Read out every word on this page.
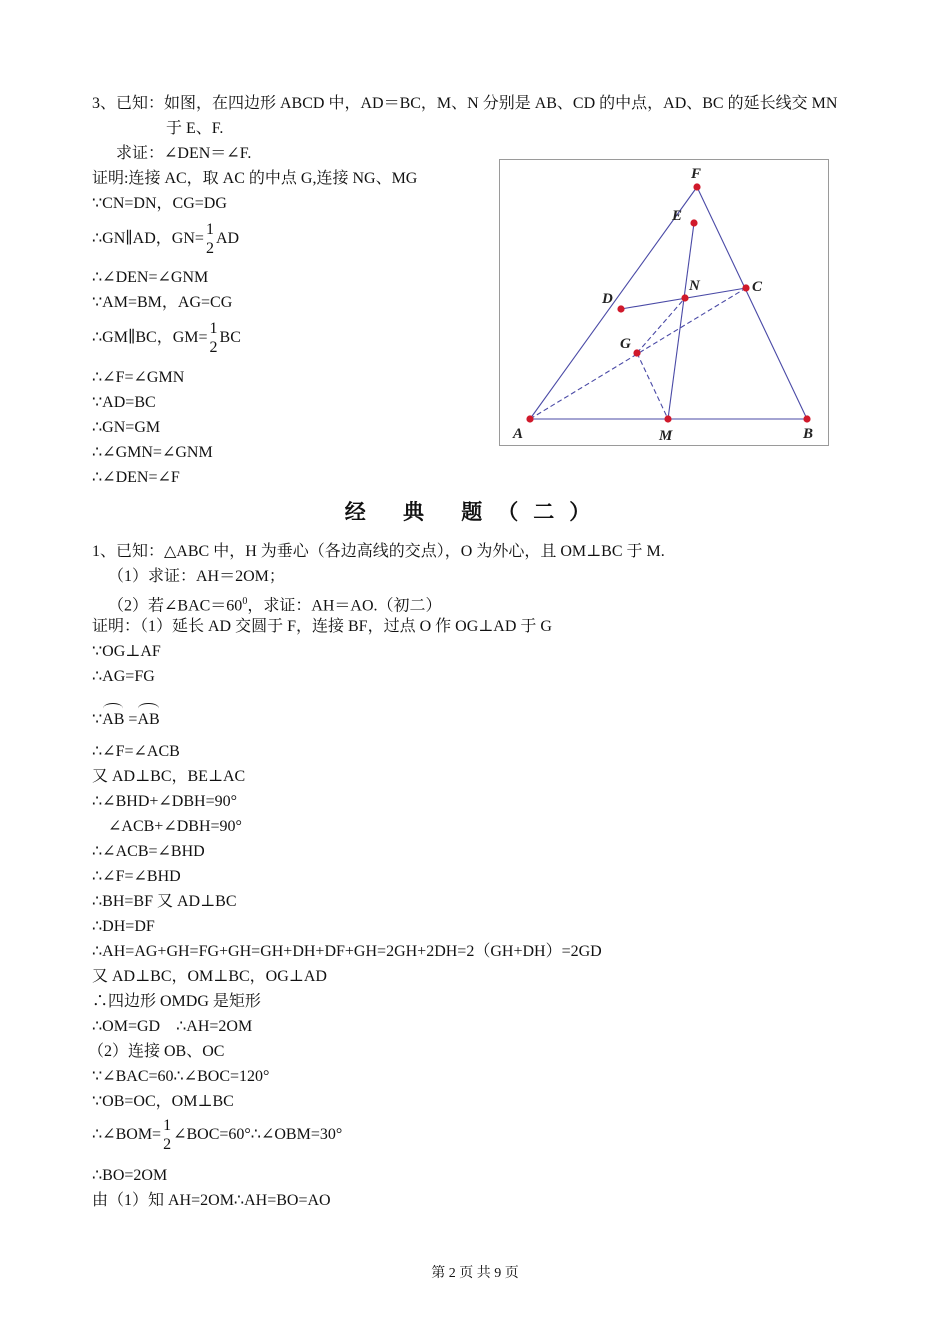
3、已知：如图，在四边形 ABCD 中，AD＝BC，M、N 分别是 AB、CD 的中点，AD、BC 的延长线交 MN
于 E、F.
求证：∠DEN＝∠F.
证明:连接 AC，取 AC 的中点 G,连接 NG、MG
∵CN=DN，CG=DG
∴GN∥AD，GN=
1
2
AD
∴∠DEN=∠GNM
∵AM=BM，AG=CG
∴GM∥BC，GM=
1
2
BC
∴∠F=∠GMN
∵AD=BC
∴GN=GM
∴∠GMN=∠GNM
∴∠DEN=∠F
A	B
C
D
E
F
G
M
N
经 典 题（二）
1、已知：△ABC 中，H 为垂心（各边高线的交点），O 为外心，且 OM⊥BC 于 M.
（1）求证：AH＝2OM；
（2）若$\angle BAC=60^0$，求证：AH＝AO.（初二）
证明：（1）延长 AD 交圆于 F，连接 BF，过点 O 作 OG⊥AD 于 G
∵OG⊥AF
∴AG=FG
∵AB =AB
∴∠F=∠ACB
又 AD⊥BC，BE⊥AC
∴∠BHD+∠DBH=90°
∠ACB+∠DBH=90°
∴∠ACB=∠BHD
∴∠F=∠BHD
∴BH=BF 又 AD⊥BC
∴DH=DF
∴AH=AG+GH=FG+GH=GH+DH+DF+GH=2GH+2DH=2（GH+DH）=2GD
又 AD⊥BC，OM⊥BC，OG⊥AD
∴四边形 OMDG 是矩形
∴OM=GD    ∴AH=2OM
（2）连接 OB、OC
∵∠BAC=60∴∠BOC=120°
∵OB=OC，OM⊥BC
∴∠BOM=
1
2
∠BOC=60°∴∠OBM=30°
∴BO=2OM
由（1）知 AH=2OM∴AH=BO=AO
第 2 页 共 9 页
